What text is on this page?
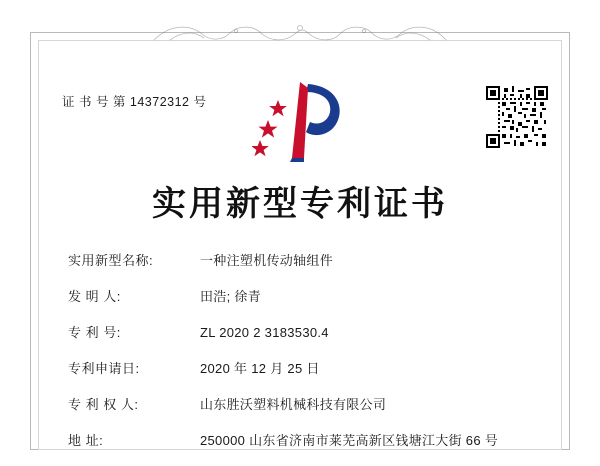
证 书 号 第 14372312 号
实用新型专利证书
实用新型名称:	一种注塑机传动轴组件
发 明 人:	田浩; 徐青
专 利 号:	ZL 2020 2 3183530.4
专利申请日:	2020 年 12 月 25 日
专 利 权 人:	山东胜沃塑料机械科技有限公司
地 址:	250000 山东省济南市莱芜高新区钱塘江大街 66 号
